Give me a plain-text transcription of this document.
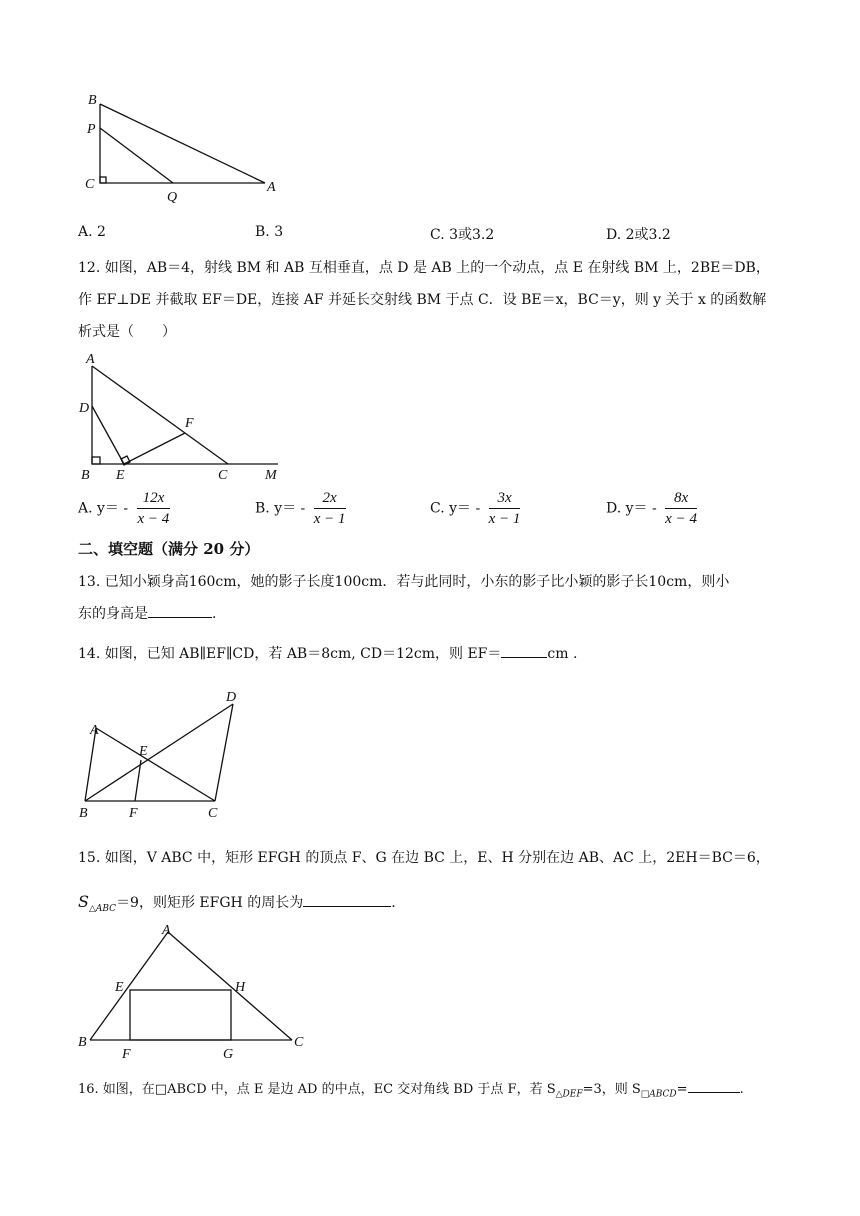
B
P
C
Q
A
A. 2	B. 3	C. 3或3.2	D. 2或3.2
12. 如图，AB＝4，射线 BM 和 AB 互相垂直，点 D 是 AB 上的一个动点，点 E 在射线 BM 上，2BE＝DB，
作 EF⊥DE 并截取 EF＝DE，连接 AF 并延长交射线 BM 于点 C．设 BE＝x，BC＝y，则 y 关于 x 的函数解
析式是（　　）
A
D
F
B E	C	M
A. $y= - \frac{12x}{x - 4}$	B. $y= - \frac{2x}{x - 1}$	C. $y= - \frac{3x}{x - 1}$	D. $y= - \frac{8x}{x - 4}$
二、填空题（满分 20 分）
13. 已知小颖身高160cm，她的影子长度100cm．若与此同时，小东的影子比小颖的影子长10cm，则小
东的身高是	.
14. 如图，已知 AB∥EF∥CD，若 AB＝8cm, CD＝12cm，则 EF＝	cm .
A
D
E
B	F	C
15. 如图，V ABC 中，矩形 EFGH 的顶点 F、G 在边 BC 上，E、H 分别在边 AB、AC 上，2EH＝BC＝6，
$S_{\triangle ABC}=9$，则矩形 EFGH 的周长为	.
A
E	H
B
F	G
C
16. 如图，在□ABCD 中，点 E 是边 AD 的中点，EC 交对角线 BD 于点 F，若 $S_{\triangle DEF}=3$，则 $S_{□ABCD}=$	.
